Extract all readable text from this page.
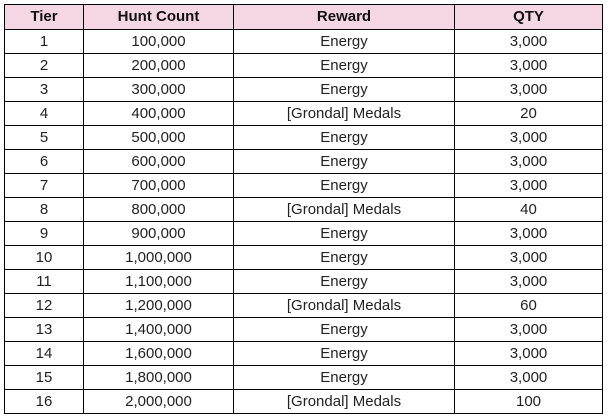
Tier	Hunt Count	Reward	QTY
1	100,000	Energy	3,000
2	200,000	Energy	3,000
3	300,000	Energy	3,000
4	400,000	[Grondal] Medals	20
5	500,000	Energy	3,000
6	600,000	Energy	3,000
7	700,000	Energy	3,000
8	800,000	[Grondal] Medals	40
9	900,000	Energy	3,000
10	1,000,000	Energy	3,000
11	1,100,000	Energy	3,000
12	1,200,000	[Grondal] Medals	60
13	1,400,000	Energy	3,000
14	1,600,000	Energy	3,000
15	1,800,000	Energy	3,000
16	2,000,000	[Grondal] Medals	100
